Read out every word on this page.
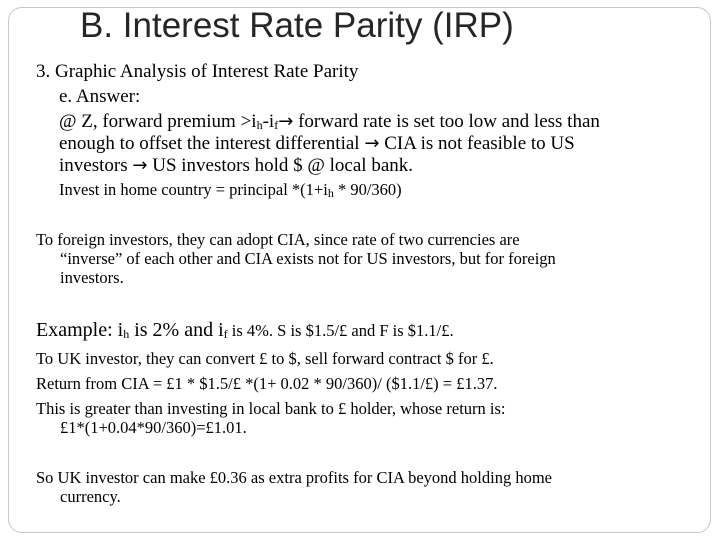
B. Interest Rate Parity (IRP)
3. Graphic Analysis of Interest Rate Parity
e. Answer:
@ Z, forward premium >ih-if→ forward rate is set too low and less than
enough to offset the interest differential → CIA is not feasible to US
investors → US investors hold $ @ local bank.
Invest in home country = principal *(1+ih * 90/360)
To foreign investors, they can adopt CIA, since rate of two currencies are
“inverse” of each other and CIA exists not for US investors, but for foreign
investors.
Example: ih is 2% and if is 4%. S is $1.5/£ and F is $1.1/£.
To UK investor, they can convert £ to $, sell forward contract $ for £.
Return from CIA = £1 * $1.5/£ *(1+ 0.02 * 90/360)/ ($1.1/£) = £1.37.
This is greater than investing in local bank to £ holder, whose return is:
£1*(1+0.04*90/360)=£1.01.
So UK investor can make £0.36 as extra profits for CIA beyond holding home
currency.
